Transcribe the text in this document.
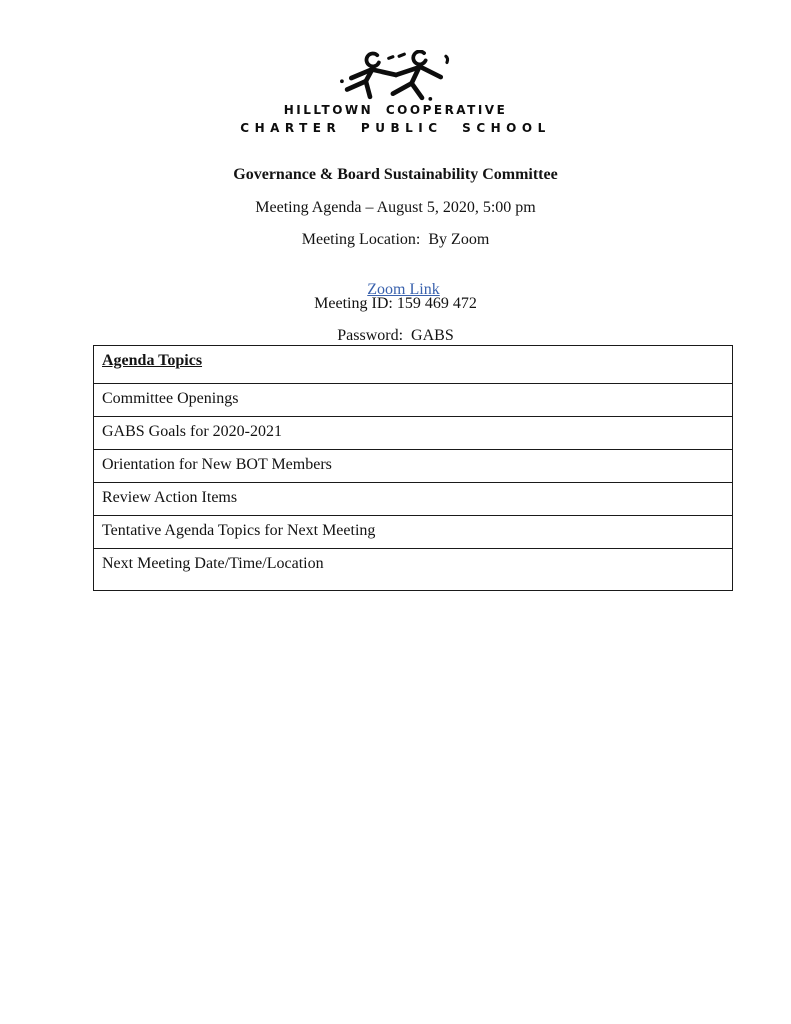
HILLTOWN COOPERATIVE
CHARTER PUBLIC SCHOOL
Governance & Board Sustainability Committee
Meeting Agenda – August 5, 2020, 5:00 pm
Meeting Location:  By Zoom

Zoom Link

Meeting ID: 159 469 472
Password:  GABS
Agenda Topics
Committee Openings
GABS Goals for 2020-2021
Orientation for New BOT Members
Review Action Items
Tentative Agenda Topics for Next Meeting
Next Meeting Date/Time/Location
